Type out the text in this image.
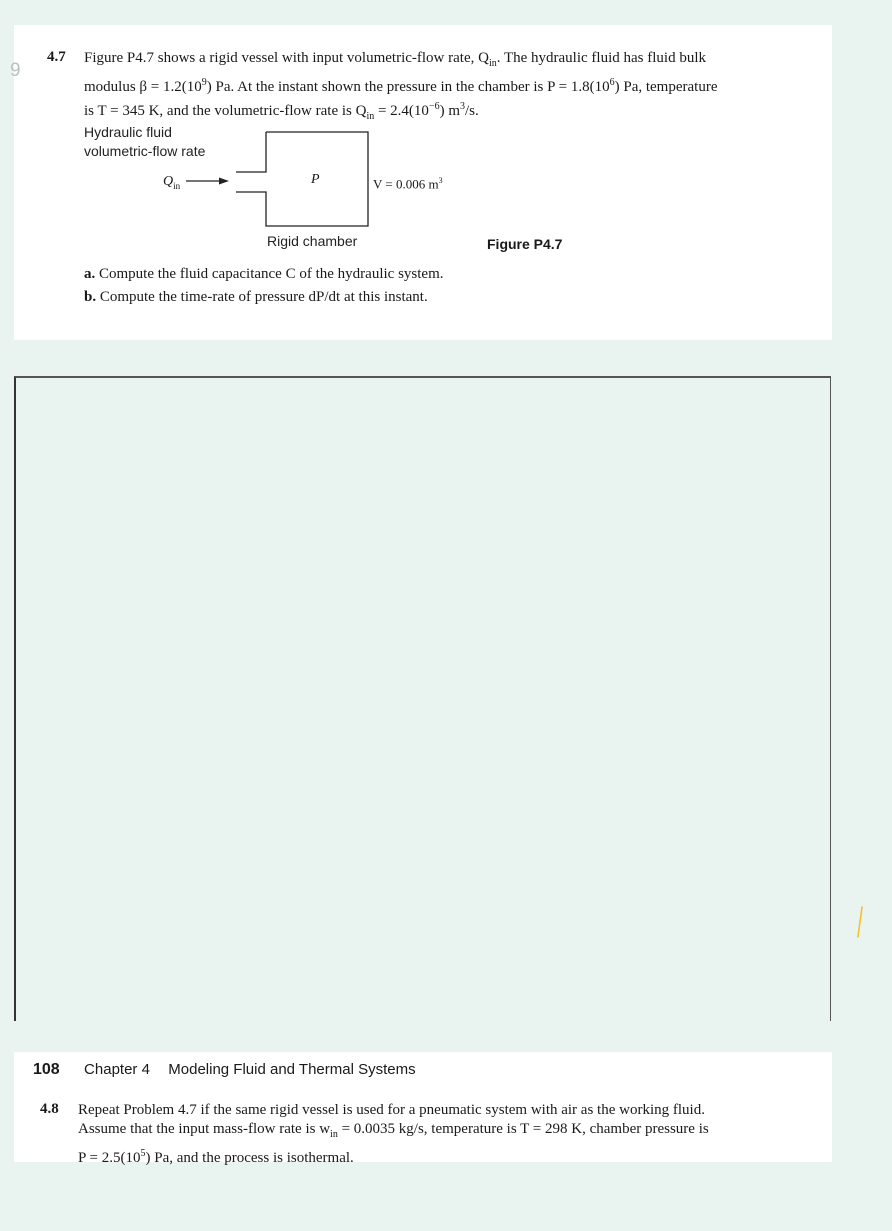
9
4.7 Figure P4.7 shows a rigid vessel with input volumetric-flow rate, $Q_{in}$. The hydraulic fluid has fluid bulk

modulus $\beta = 1.2(10^9)$ Pa. At the instant shown the pressure in the chamber is $P = 1.8(10^6)$ Pa, temperature

is T = 345 K, and the volumetric-flow rate is $Q_{in} = 2.4(10^{-6})$ $m^3/s$.

Hydraulic fluid
volumetric-flow rate
$Q_{in}$	P	V = 0.006 $m^3$
Rigid chamber	Figure P4.7
a. Compute the fluid capacitance C of the hydraulic system.
b. Compute the time-rate of pressure dP/dt at this instant.
108 Chapter 4 Modeling Fluid and Thermal Systems
4.8 Repeat Problem 4.7 if the same rigid vessel is used for a pneumatic system with air as the working fluid.

Assume that the input mass-flow rate is $w_{in} = 0.0035$ kg/s, temperature is T = 298 K, chamber pressure is

$P = 2.5(10^5)$ Pa, and the process is isothermal.
